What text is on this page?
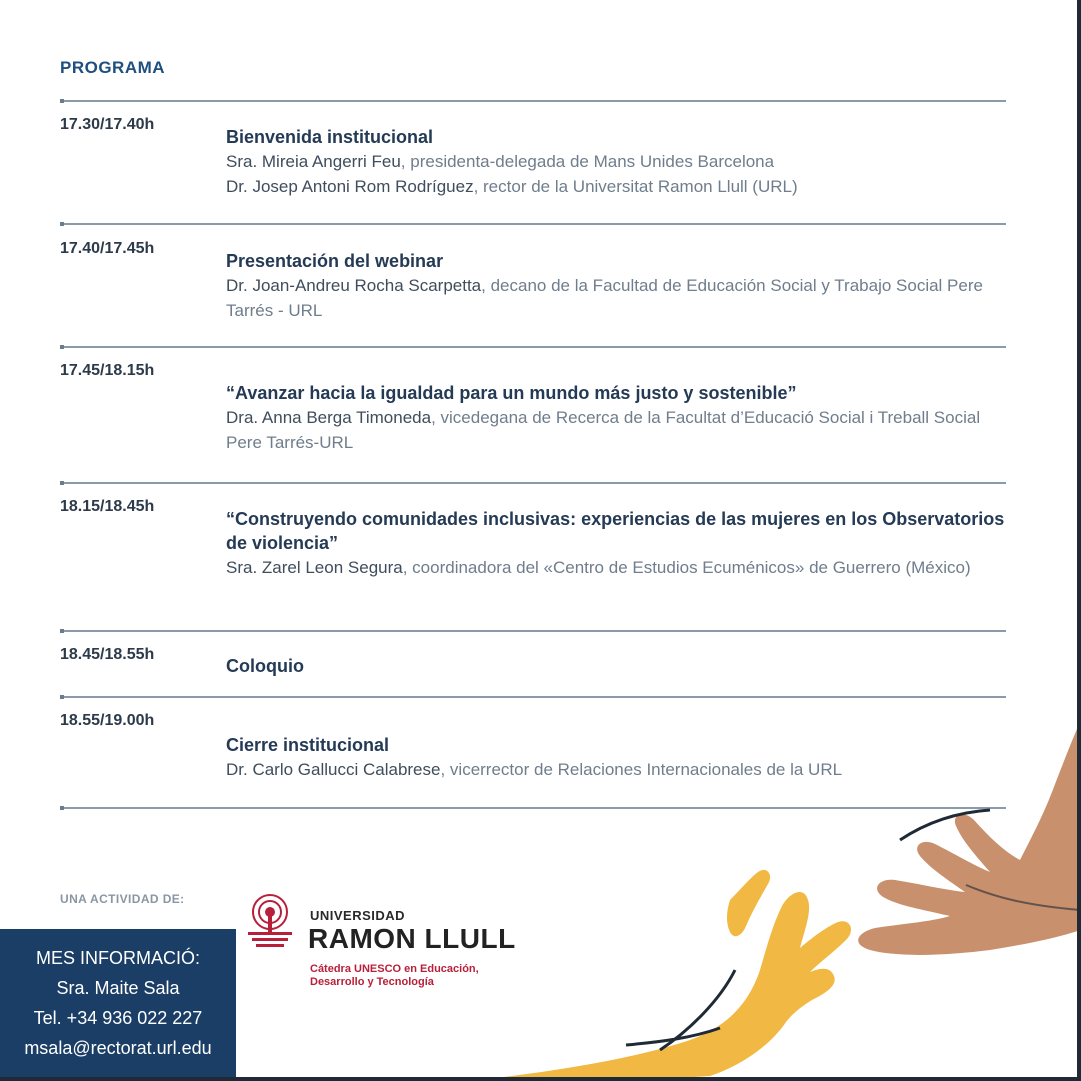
PROGRAMA
17.30/17.40h
Bienvenida institucional
Sra. Mireia Angerri Feu, presidenta-delegada de Mans Unides Barcelona
Dr. Josep Antoni Rom Rodríguez, rector de la Universitat Ramon Llull (URL)
17.40/17.45h
Presentación del webinar
Dr. Joan-Andreu Rocha Scarpetta, decano de la Facultad de Educación Social y Trabajo Social Pere Tarrés - URL
17.45/18.15h
“Avanzar hacia la igualdad para un mundo más justo y sostenible”
Dra. Anna Berga Timoneda, vicedegana de Recerca de la Facultat d’Educació Social i Treball Social Pere Tarrés-URL
18.15/18.45h
“Construyendo comunidades inclusivas: experiencias de las mujeres en los Observatorios de violencia”
Sra. Zarel Leon Segura, coordinadora del «Centro de Estudios Ecuménicos» de Guerrero (México)
18.45/18.55h
Coloquio
18.55/19.00h
Cierre institucional
Dr. Carlo Gallucci Calabrese, vicerrector de Relaciones Internacionales de la URL
UNA ACTIVIDAD DE:
UNIVERSIDAD
RAMON LLULL
Cátedra UNESCO en Educación,
Desarrollo y Tecnología
MES INFORMACIÓ:
Sra. Maite Sala
Tel. +34 936 022 227
msala@rectorat.url.edu
